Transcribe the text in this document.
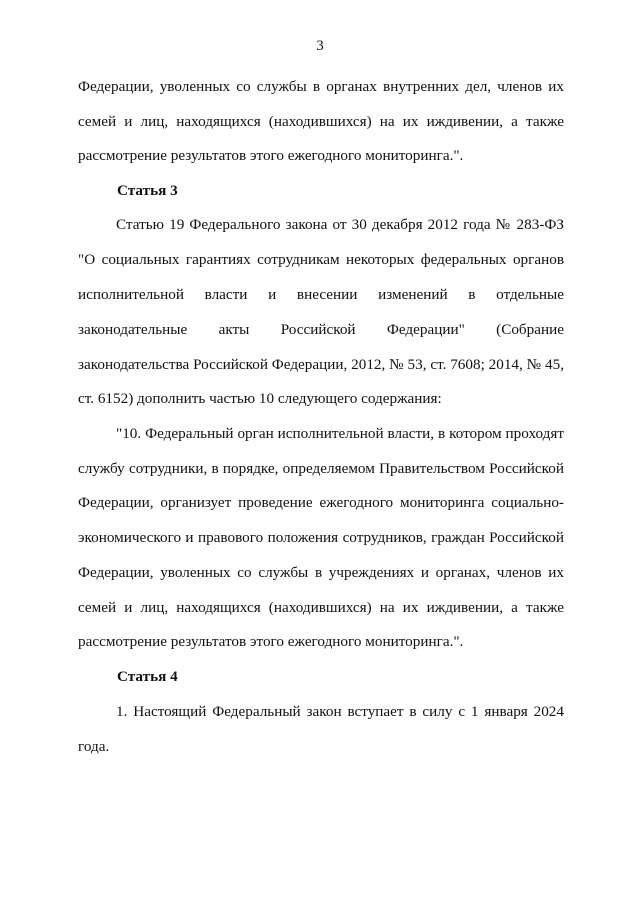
3
Федерации, уволенных со службы в органах внутренних дел, членов их
семей и лиц, находящихся (находившихся) на их иждивении, а также
рассмотрение результатов этого ежегодного мониторинга.".
Статья 3
Статью 19 Федерального закона от 30 декабря 2012 года № 283-ФЗ
"О социальных гарантиях сотрудникам некоторых федеральных органов
исполнительной власти и внесении изменений в отдельные
законодательные акты Российской Федерации" (Собрание
законодательства Российской Федерации, 2012, № 53, ст. 7608; 2014, № 45,
ст. 6152) дополнить частью 10 следующего содержания:
"10. Федеральный орган исполнительной власти, в котором проходят
службу сотрудники, в порядке, определяемом Правительством Российской
Федерации, организует проведение ежегодного мониторинга социально-
экономического и правового положения сотрудников, граждан Российской
Федерации, уволенных со службы в учреждениях и органах, членов их
семей и лиц, находящихся (находившихся) на их иждивении, а также
рассмотрение результатов этого ежегодного мониторинга.".
Статья 4
1. Настоящий Федеральный закон вступает в силу с 1 января 2024
года.
